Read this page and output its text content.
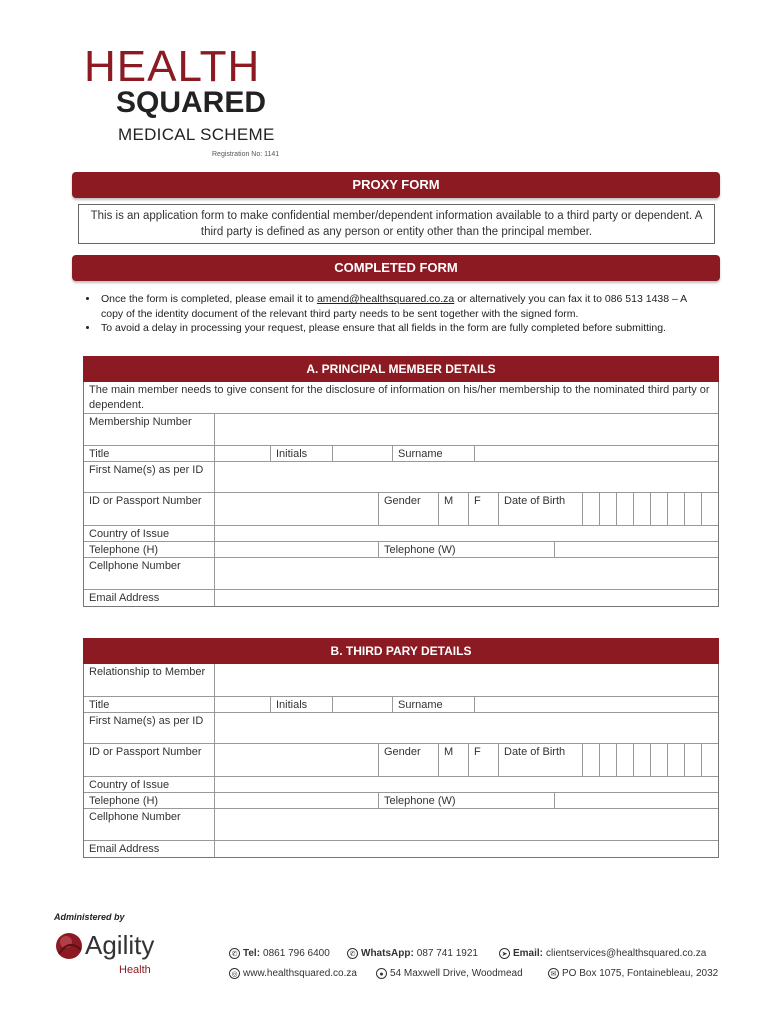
HEALTH
SQUARED
MEDICAL SCHEME
Registration No: 1141
PROXY FORM
This is an application form to make confidential member/dependent information available to a third party or dependent. A third party is defined as any person or entity other than the principal member.
COMPLETED FORM
• Once the form is completed, please email it to amend@healthsquared.co.za or alternatively you can fax it to 086 513 1438 – A copy of the identity document of the relevant third party needs to be sent together with the signed form.
• To avoid a delay in processing your request, please ensure that all fields in the form are fully completed before submitting.
A. PRINCIPAL MEMBER DETAILS
The main member needs to give consent for the disclosure of information on his/her membership to the nominated third party or dependent.
Membership Number
Title	Initials	Surname
First Name(s) as per ID
ID or Passport Number	Gender	M	F	Date of Birth
Country of Issue
Telephone (H)	Telephone (W)
Cellphone Number
Email Address
B. THIRD PARY DETAILS
Relationship to Member
Title	Initials	Surname
First Name(s) as per ID
ID or Passport Number	Gender	M	F	Date of Birth
Country of Issue
Telephone (H)	Telephone (W)
Cellphone Number
Email Address
Administered by
Agility
Health
✆ Tel: 0861 796 6400	✆ WhatsApp: 087 741 1921	➤ Email: clientservices@healthsquared.co.za
◎ www.healthsquared.co.za	● 54 Maxwell Drive, Woodmead	✉ PO Box 1075, Fontainebleau, 2032
